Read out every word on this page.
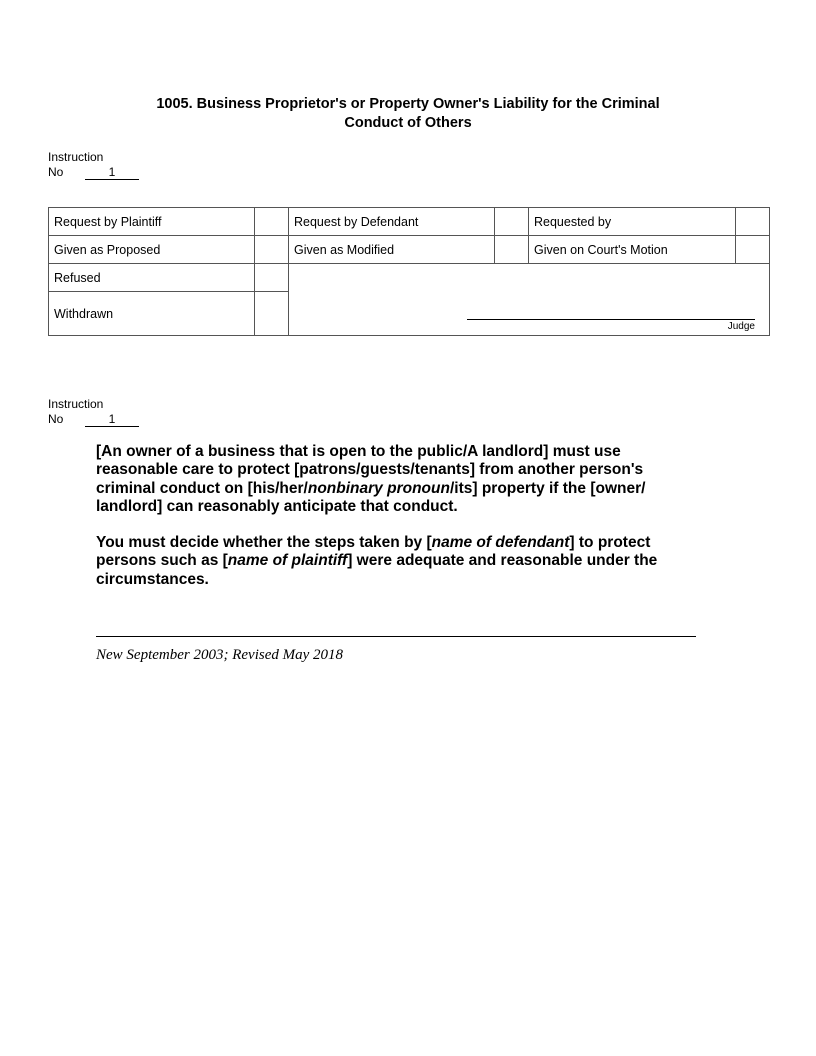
1005. Business Proprietor's or Property Owner's Liability for the Criminal
Conduct of Others
Instruction
No	1
Request by Plaintiff		Request by Defendant		Requested by	
Given as Proposed		Given as Modified		Given on Court's Motion	
Refused		Judge			

Withdrawn					
Instruction
No	1

[An owner of a business that is open to the public/A landlord] must use reasonable care to protect [patrons/guests/tenants] from another person's criminal conduct on [his/her/nonbinary pronoun/its] property if the [owner/ landlord] can reasonably anticipate that conduct.

You must decide whether the steps taken by [name of defendant] to protect persons such as [name of plaintiff] were adequate and reasonable under the circumstances.

New September 2003; Revised May 2018
